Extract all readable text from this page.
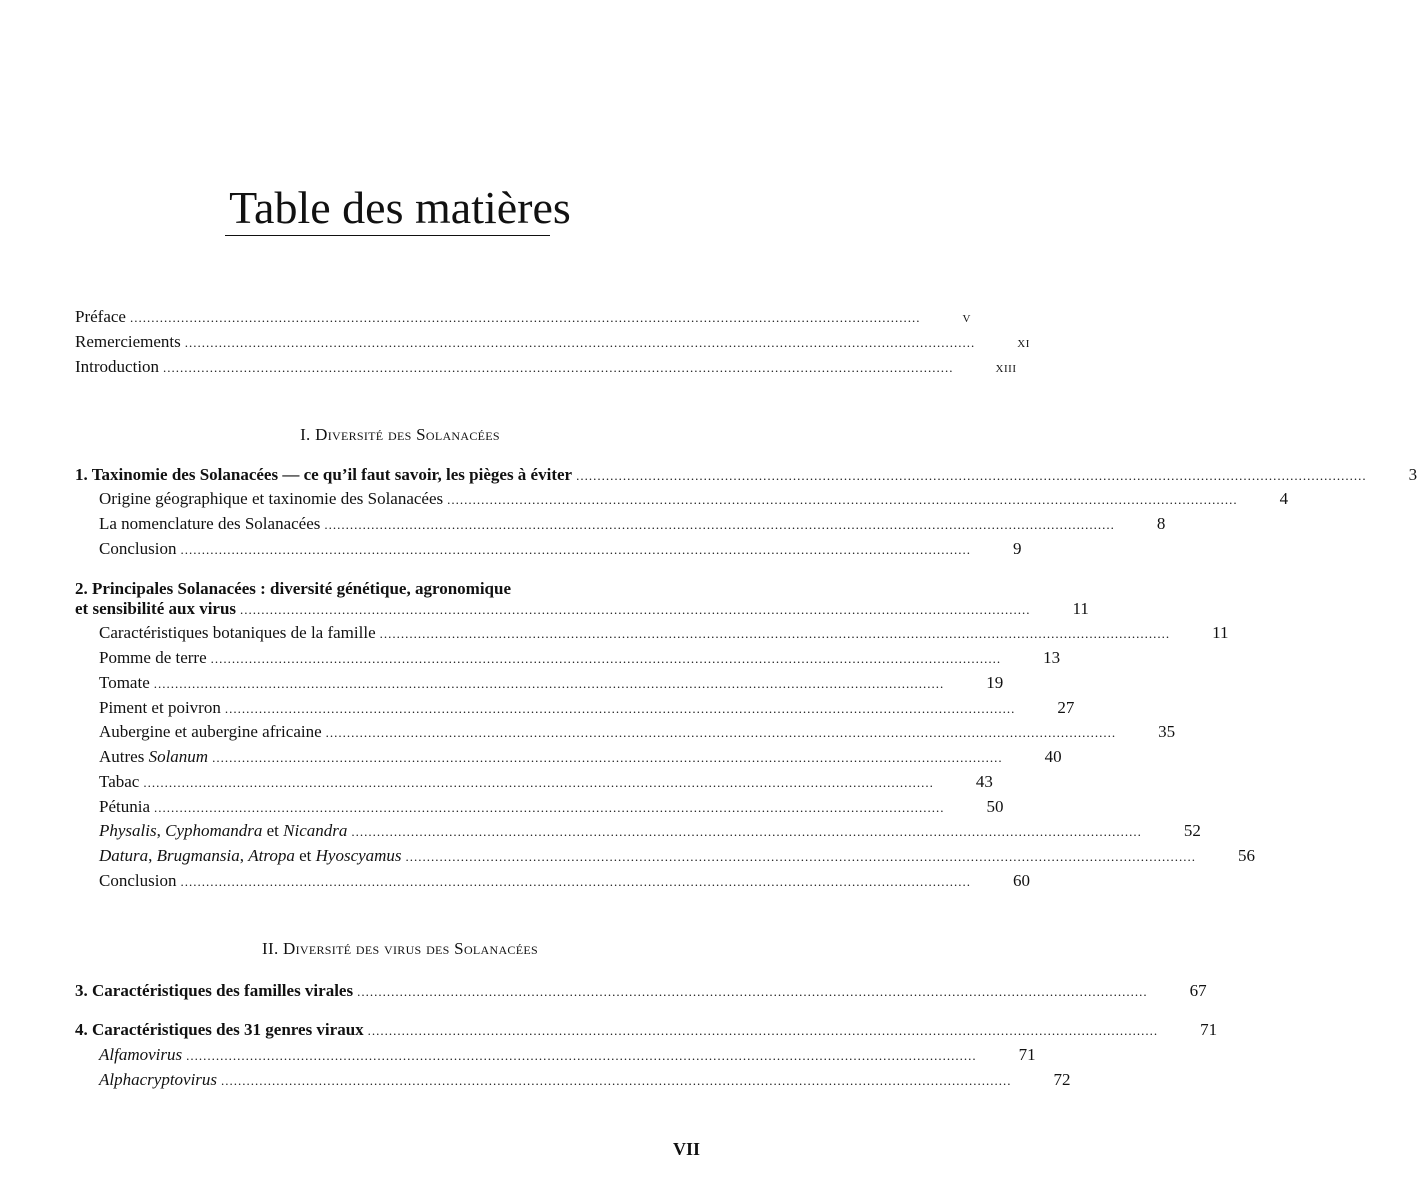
Table des matières
Préface ..........................................................................................................................................................................................	v
Remerciements ..........................................................................................................................................................................................	xi
Introduction ..........................................................................................................................................................................................	xiii
I. Diversité des Solanacées
1. Taxinomie des Solanacées — ce qu’il faut savoir, les pièges à éviter .......................................................................................................................................................................................... 3
Origine géographique et taxinomie des Solanacées .......................................................................................................................................................................................... 4
La nomenclature des Solanacées .......................................................................................................................................................................................... 8
Conclusion .......................................................................................................................................................................................... 9
2. Principales Solanacées : diversité génétique, agronomique
et sensibilité aux virus .......................................................................................................................................................................................... 11
Caractéristiques botaniques de la famille .......................................................................................................................................................................................... 11
Pomme de terre .......................................................................................................................................................................................... 13
Tomate .......................................................................................................................................................................................... 19
Piment et poivron .......................................................................................................................................................................................... 27
Aubergine et aubergine africaine .......................................................................................................................................................................................... 35
Autres Solanum .......................................................................................................................................................................................... 40
Tabac .......................................................................................................................................................................................... 43
Pétunia .......................................................................................................................................................................................... 50
Physalis, Cyphomandra et Nicandra .......................................................................................................................................................................................... 52
Datura, Brugmansia, Atropa et Hyoscyamus .......................................................................................................................................................................................... 56
Conclusion .......................................................................................................................................................................................... 60
II. Diversité des virus des Solanacées
3. Caractéristiques des familles virales .......................................................................................................................................................................................... 67
4. Caractéristiques des 31 genres viraux .......................................................................................................................................................................................... 71
Alfamovirus .......................................................................................................................................................................................... 71
Alphacryptovirus .......................................................................................................................................................................................... 72
VII
